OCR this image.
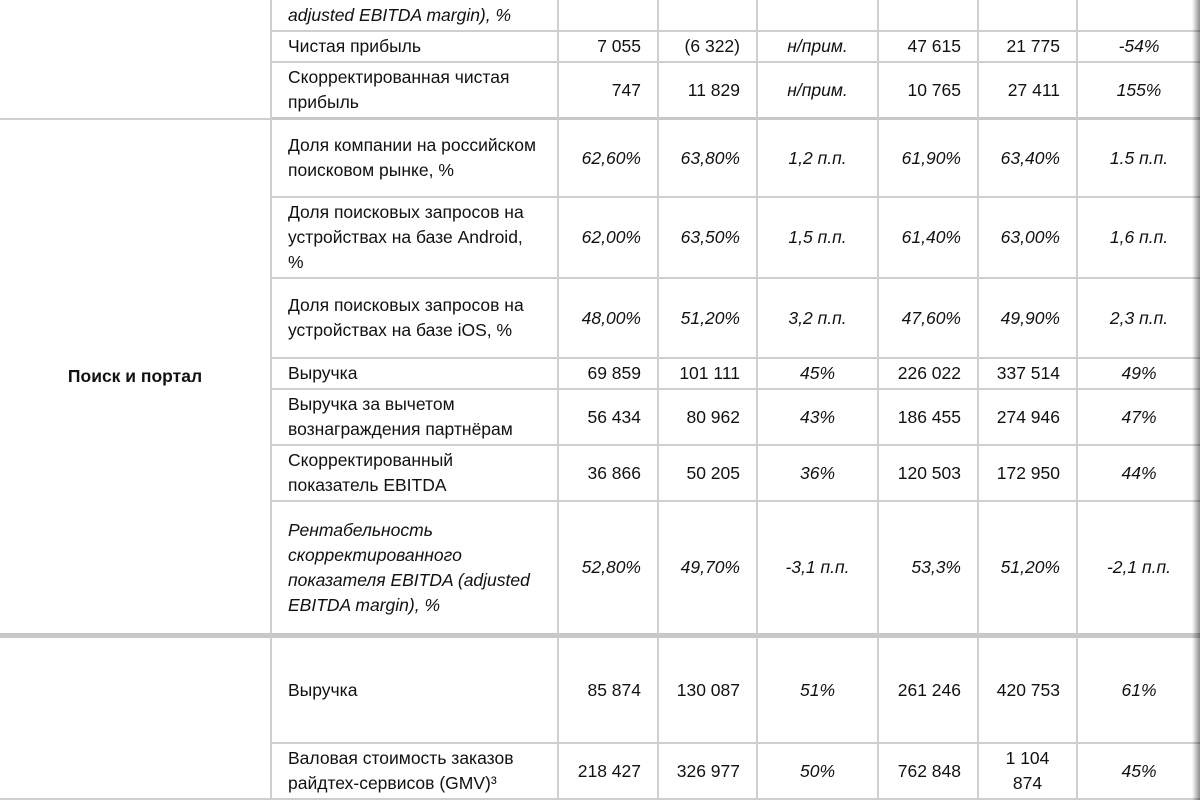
	adjusted EBITDA margin), %						
	Чистая прибыль	7 055	(6 322)	н/прим.	47 615	21 775	-54%
	Скорректированная чистая прибыль	747	11 829	н/прим.	10 765	27 411	155%
Поиск и портал	Доля компании на российском поисковом рынке, %	62,60%	63,80%	1,2 п.п.	61,90%	63,40%	1.5 п.п.
	Доля поисковых запросов на устройствах на базе Android, %	62,00%	63,50%	1,5 п.п.	61,40%	63,00%	1,6 п.п.
	Доля поисковых запросов на устройствах на базе iOS, %	48,00%	51,20%	3,2 п.п.	47,60%	49,90%	2,3 п.п.
	Выручка	69 859	101 111	45%	226 022	337 514	49%
	Выручка за вычетом вознаграждения партнёрам	56 434	80 962	43%	186 455	274 946	47%
	Скорректированный показатель EBITDA	36 866	50 205	36%	120 503	172 950	44%
	Рентабельность скорректированного показателя EBITDA (adjusted EBITDA margin), %	52,80%	49,70%	-3,1 п.п.	53,3%	51,20%	-2,1 п.п.
	Выручка	85 874	130 087	51%	261 246	420 753	61%
	Валовая стоимость заказов райдтех-сервисов (GMV)³	218 427	326 977	50%	762 848	1 104 874	45%
